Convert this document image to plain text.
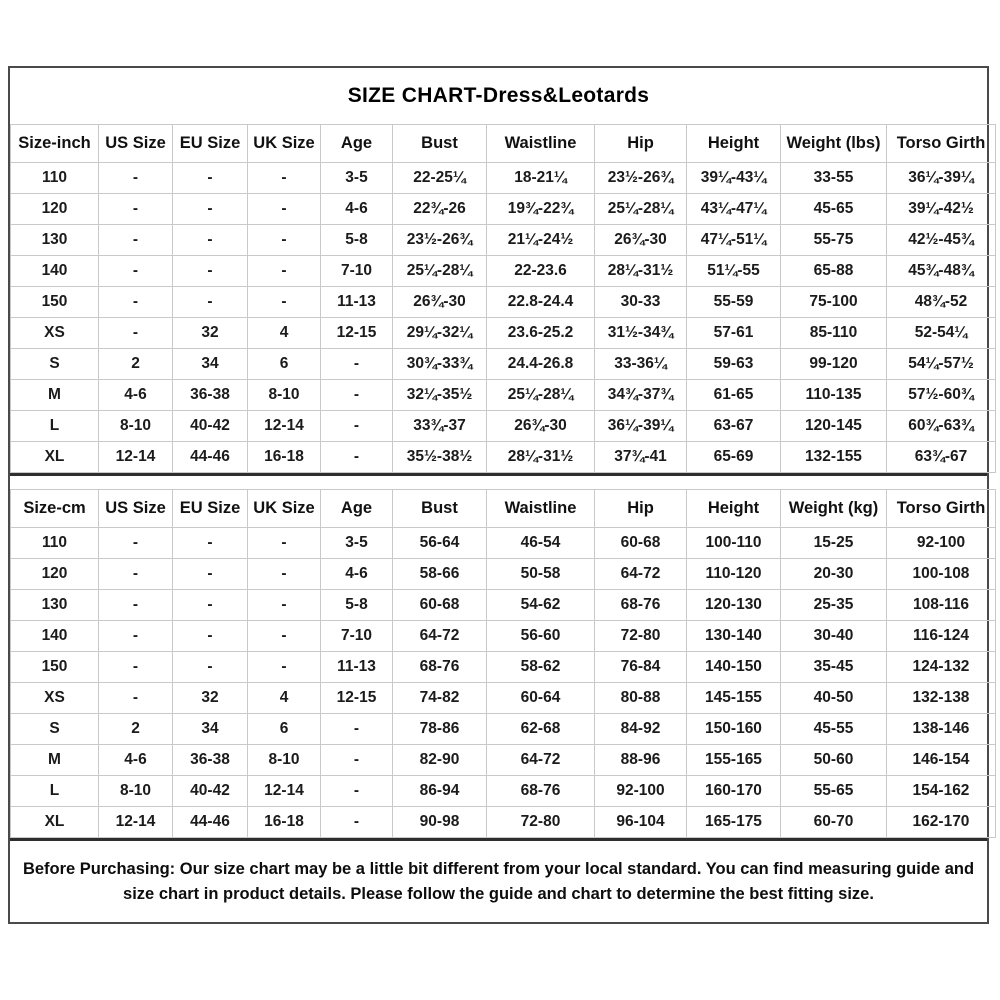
SIZE CHART-Dress&Leotards
Size-inch	US Size	EU Size	UK Size	Age	Bust	Waistline	Hip	Height	Weight (lbs)	Torso Girth
110	-	-	-	3-5	22-25¼	18-21¼	23½-26¾	39¼-43¼	33-55	36¼-39¼
120	-	-	-	4-6	22¾-26	19¾-22¾	25¼-28¼	43¼-47¼	45-65	39¼-42½
130	-	-	-	5-8	23½-26¾	21¼-24½	26¾-30	47¼-51¼	55-75	42½-45¾
140	-	-	-	7-10	25¼-28¼	22-23.6	28¼-31½	51¼-55	65-88	45¾-48¾
150	-	-	-	11-13	26¾-30	22.8-24.4	30-33	55-59	75-100	48¾-52
XS	-	32	4	12-15	29¼-32¼	23.6-25.2	31½-34¾	57-61	85-110	52-54¼
S	2	34	6	-	30¾-33¾	24.4-26.8	33-36¼	59-63	99-120	54¼-57½
M	4-6	36-38	8-10	-	32¼-35½	25¼-28¼	34¾-37¾	61-65	110-135	57½-60¾
L	8-10	40-42	12-14	-	33¾-37	26¾-30	36¼-39¼	63-67	120-145	60¾-63¾
XL	12-14	44-46	16-18	-	35½-38½	28¼-31½	37¾-41	65-69	132-155	63¾-67
Size-cm	US Size	EU Size	UK Size	Age	Bust	Waistline	Hip	Height	Weight (kg)	Torso Girth
110	-	-	-	3-5	56-64	46-54	60-68	100-110	15-25	92-100
120	-	-	-	4-6	58-66	50-58	64-72	110-120	20-30	100-108
130	-	-	-	5-8	60-68	54-62	68-76	120-130	25-35	108-116
140	-	-	-	7-10	64-72	56-60	72-80	130-140	30-40	116-124
150	-	-	-	11-13	68-76	58-62	76-84	140-150	35-45	124-132
XS	-	32	4	12-15	74-82	60-64	80-88	145-155	40-50	132-138
S	2	34	6	-	78-86	62-68	84-92	150-160	45-55	138-146
M	4-6	36-38	8-10	-	82-90	64-72	88-96	155-165	50-60	146-154
L	8-10	40-42	12-14	-	86-94	68-76	92-100	160-170	55-65	154-162
XL	12-14	44-46	16-18	-	90-98	72-80	96-104	165-175	60-70	162-170
Before Purchasing: Our size chart may be a little bit different from your local standard. You can find measuring guide and
size chart in product details. Please follow the guide and chart to determine the best fitting size.
